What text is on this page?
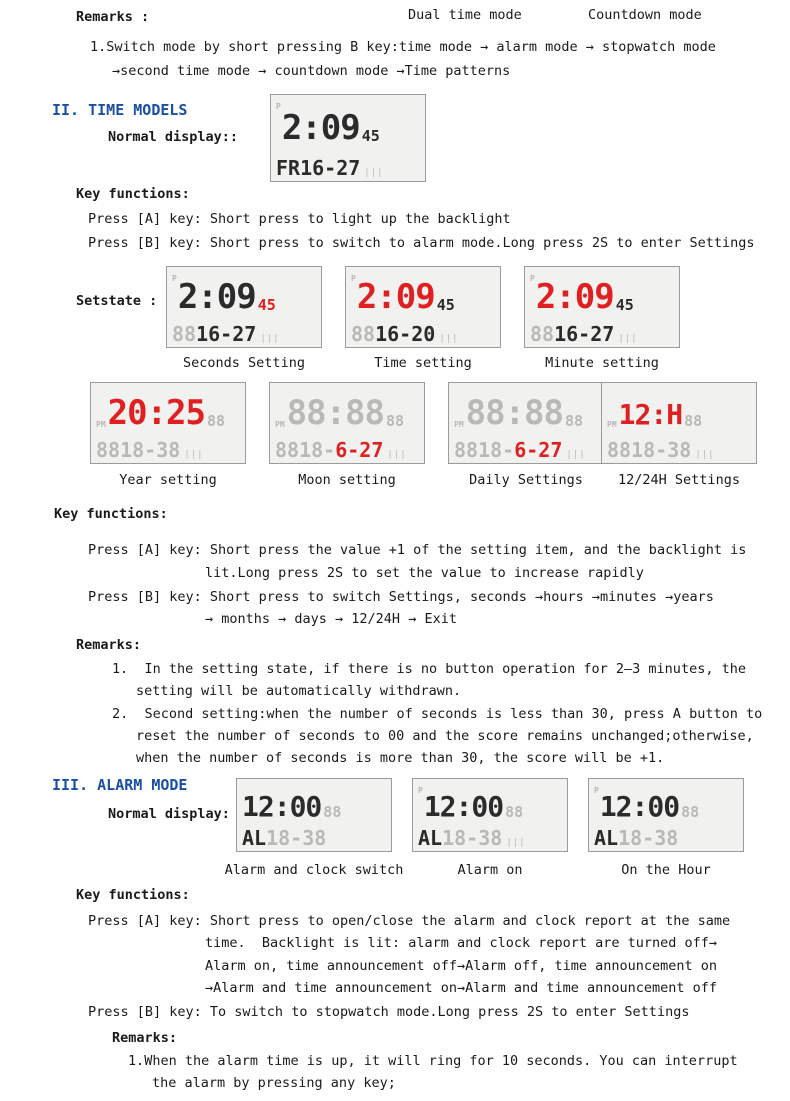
Remarks :	Dual time mode	Countdown mode
1.Switch mode by short pressing B key:time mode → alarm mode → stopwatch mode
→second time mode → countdown mode →Time patterns
II. TIME MODELS
Normal display::
P
2:09 45
FR16-27 |||
Key functions:
Press [A] key: Short press to light up the backlight
Press [B] key: Short press to switch to alarm mode.Long press 2S to enter Settings
Setstate :
P 2:09 45
88 16-27 |||
Seconds Setting
P 2:09 45
88 16-20 |||
Time setting
P 2:09 45
88 16-27 |||
Minute setting
PM 20:25 88
88 18-38 |||
Year setting
PM 88:88 88
8818- 6-27 |||
Moon setting
PM 88:88 88
8818- 6-27 |||
Daily Settings
PM 12:H 88
88 18-38 |||
12/24H Settings
Key functions:
Press [A] key: Short press the value +1 of the setting item, and the backlight is
lit.Long press 2S to set the value to increase rapidly
Press [B] key: Short press to switch Settings, seconds →hours →minutes →years
→ months → days → 12/24H → Exit
Remarks:
1.  In the setting state, if there is no button operation for 2–3 minutes, the
setting will be automatically withdrawn.
2.  Second setting:when the number of seconds is less than 30, press A button to
reset the number of seconds to 00 and the score remains unchanged;otherwise,
when the number of seconds is more than 30, the score will be +1.
III. ALARM MODE
Normal display: 12:00 88
AL 18-38
Alarm and clock switch
P 12:00 88
AL 18-38 |||
Alarm on
P 12:00 88
AL 18-38
On the Hour
Key functions:
Press [A] key: Short press to open/close the alarm and clock report at the same
time.  Backlight is lit: alarm and clock report are turned off→
Alarm on, time announcement off→Alarm off, time announcement on
→Alarm and time announcement on→Alarm and time announcement off
Press [B] key: To switch to stopwatch mode.Long press 2S to enter Settings
Remarks:
1.When the alarm time is up, it will ring for 10 seconds. You can interrupt
the alarm by pressing any key;
